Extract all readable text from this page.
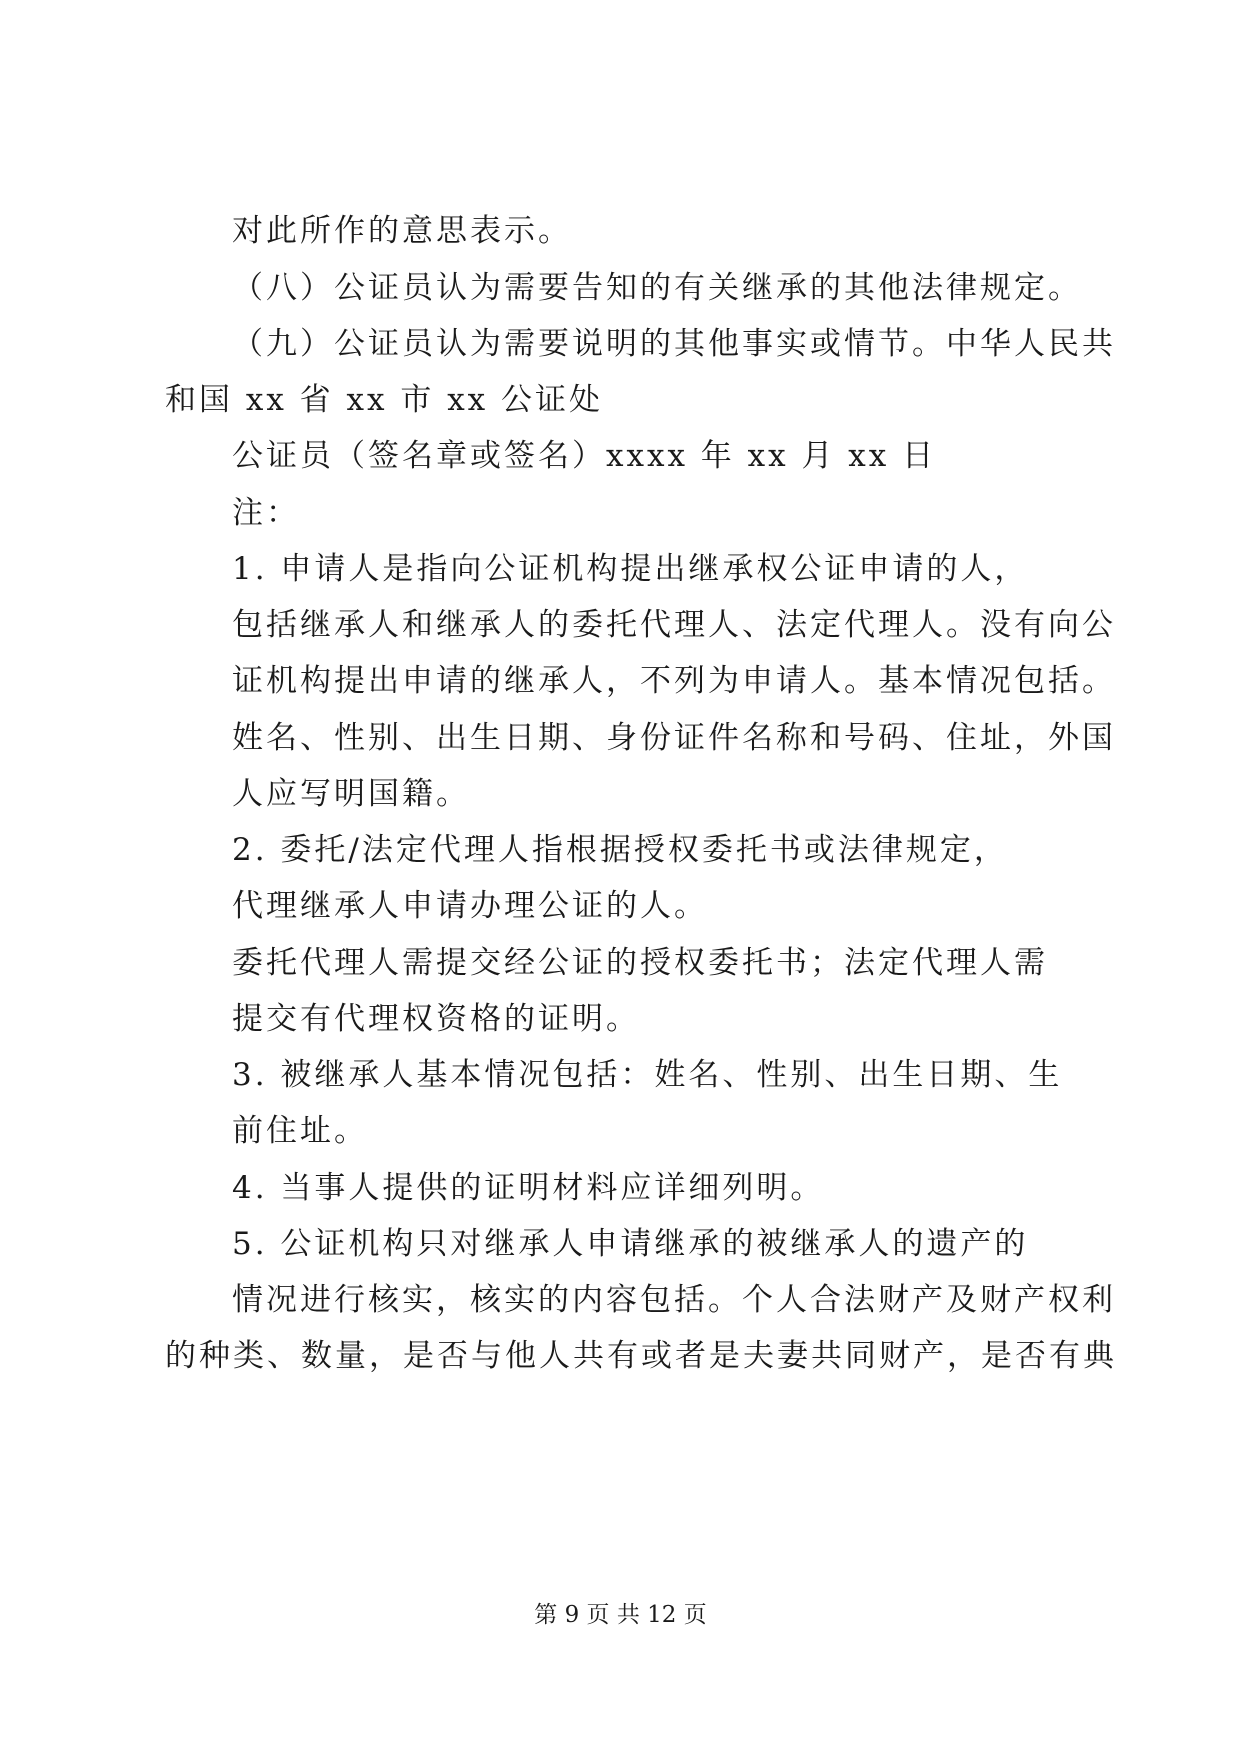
对此所作的意思表示。
（八）公证员认为需要告知的有关继承的其他法律规定。
（九）公证员认为需要说明的其他事实或情节。中华人民共
和国 xx 省 xx 市 xx 公证处
公证员（签名章或签名）xxxx 年 xx 月 xx 日
注：
1. 申请人是指向公证机构提出继承权公证申请的人，
包括继承人和继承人的委托代理人、法定代理人。没有向公
证机构提出申请的继承人，不列为申请人。基本情况包括。
姓名、性别、出生日期、身份证件名称和号码、住址，外国
人应写明国籍。
2. 委托/法定代理人指根据授权委托书或法律规定，
代理继承人申请办理公证的人。
委托代理人需提交经公证的授权委托书；法定代理人需
提交有代理权资格的证明。
3. 被继承人基本情况包括：姓名、性别、出生日期、生
前住址。
4. 当事人提供的证明材料应详细列明。
5. 公证机构只对继承人申请继承的被继承人的遗产的
情况进行核实，核实的内容包括。个人合法财产及财产权利
的种类、数量，是否与他人共有或者是夫妻共同财产，是否有典
第 9 页 共 12 页
